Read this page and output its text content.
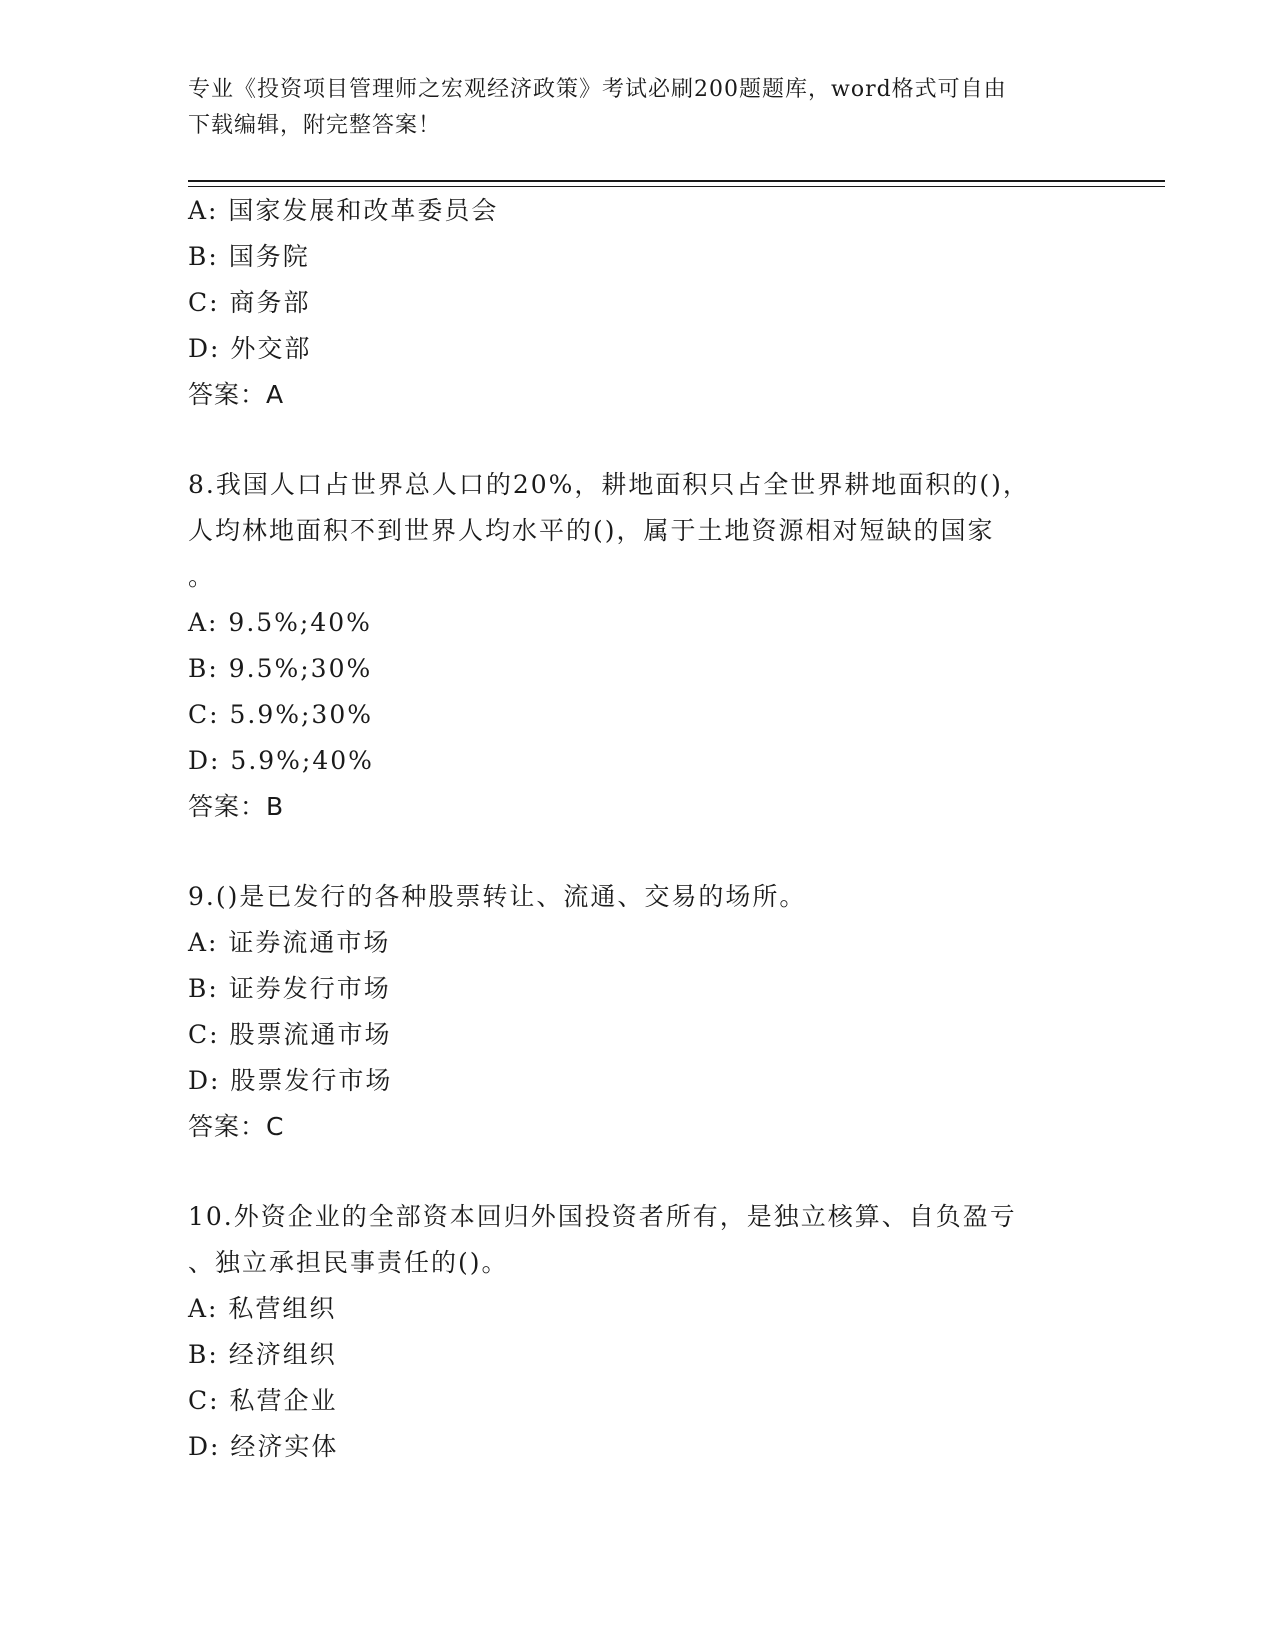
专业《投资项目管理师之宏观经济政策》考试必刷200题题库，word格式可自由
下载编辑，附完整答案！
A: 国家发展和改革委员会
B: 国务院
C: 商务部
D: 外交部
答案：A
8.我国人口占世界总人口的20%，耕地面积只占全世界耕地面积的()，
人均林地面积不到世界人均水平的()，属于土地资源相对短缺的国家
。
A: 9.5%;40%
B: 9.5%;30%
C: 5.9%;30%
D: 5.9%;40%
答案：B
9.()是已发行的各种股票转让、流通、交易的场所。
A: 证券流通市场
B: 证券发行市场
C: 股票流通市场
D: 股票发行市场
答案：C
10.外资企业的全部资本回归外国投资者所有，是独立核算、自负盈亏
、独立承担民事责任的()。
A: 私营组织
B: 经济组织
C: 私营企业
D: 经济实体
